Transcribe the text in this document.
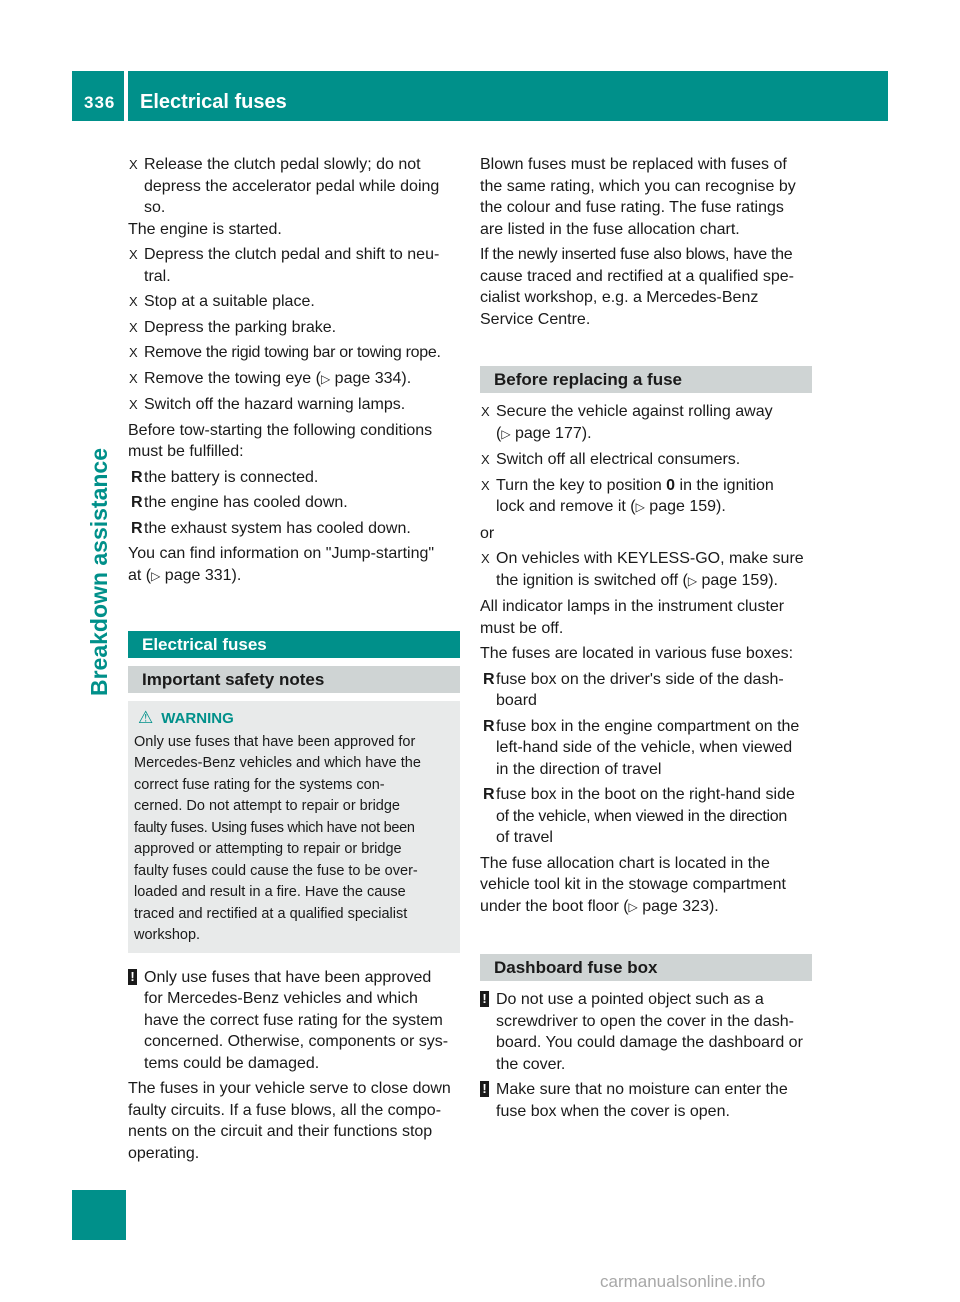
336 Electrical fuses
Breakdown assistance
X Release the clutch pedal slowly; do not
depress the accelerator pedal while doing
so.
The engine is started.
X Depress the clutch pedal and shift to neu-
tral.
X Stop at a suitable place.
X Depress the parking brake.
X Remove the rigid towing bar or towing rope.
X Remove the towing eye (▷ page 334).
X Switch off the hazard warning lamps.
Before tow-starting the following conditions
must be fulfilled:
R the battery is connected.
R the engine has cooled down.
R the exhaust system has cooled down.
You can find information on "Jump-starting"
at (▷ page 331).
Electrical fuses
Important safety notes
⚠ WARNING
Only use fuses that have been approved for
Mercedes-Benz vehicles and which have the
correct fuse rating for the systems con-
cerned. Do not attempt to repair or bridge
faulty fuses. Using fuses which have not been
approved or attempting to repair or bridge
faulty fuses could cause the fuse to be over-
loaded and result in a fire. Have the cause
traced and rectified at a qualified specialist
workshop.
! Only use fuses that have been approved
for Mercedes-Benz vehicles and which
have the correct fuse rating for the system
concerned. Otherwise, components or sys-
tems could be damaged.
The fuses in your vehicle serve to close down
faulty circuits. If a fuse blows, all the compo-
nents on the circuit and their functions stop
operating.
Blown fuses must be replaced with fuses of
the same rating, which you can recognise by
the colour and fuse rating. The fuse ratings
are listed in the fuse allocation chart.
If the newly inserted fuse also blows, have the
cause traced and rectified at a qualified spe-
cialist workshop, e.g. a Mercedes-Benz
Service Centre.
Before replacing a fuse
X Secure the vehicle against rolling away
(▷ page 177).
X Switch off all electrical consumers.
X Turn the key to position 0 in the ignition
lock and remove it (▷ page 159).
or
X On vehicles with KEYLESS-GO, make sure
the ignition is switched off (▷ page 159).
All indicator lamps in the instrument cluster
must be off.
The fuses are located in various fuse boxes:
R fuse box on the driver's side of the dash-
board
R fuse box in the engine compartment on the
left-hand side of the vehicle, when viewed
in the direction of travel
R fuse box in the boot on the right-hand side
of the vehicle, when viewed in the direction
of travel
The fuse allocation chart is located in the
vehicle tool kit in the stowage compartment
under the boot floor (▷ page 323).
Dashboard fuse box
! Do not use a pointed object such as a
screwdriver to open the cover in the dash-
board. You could damage the dashboard or
the cover.
! Make sure that no moisture can enter the
fuse box when the cover is open.
carmanualsonline.info
